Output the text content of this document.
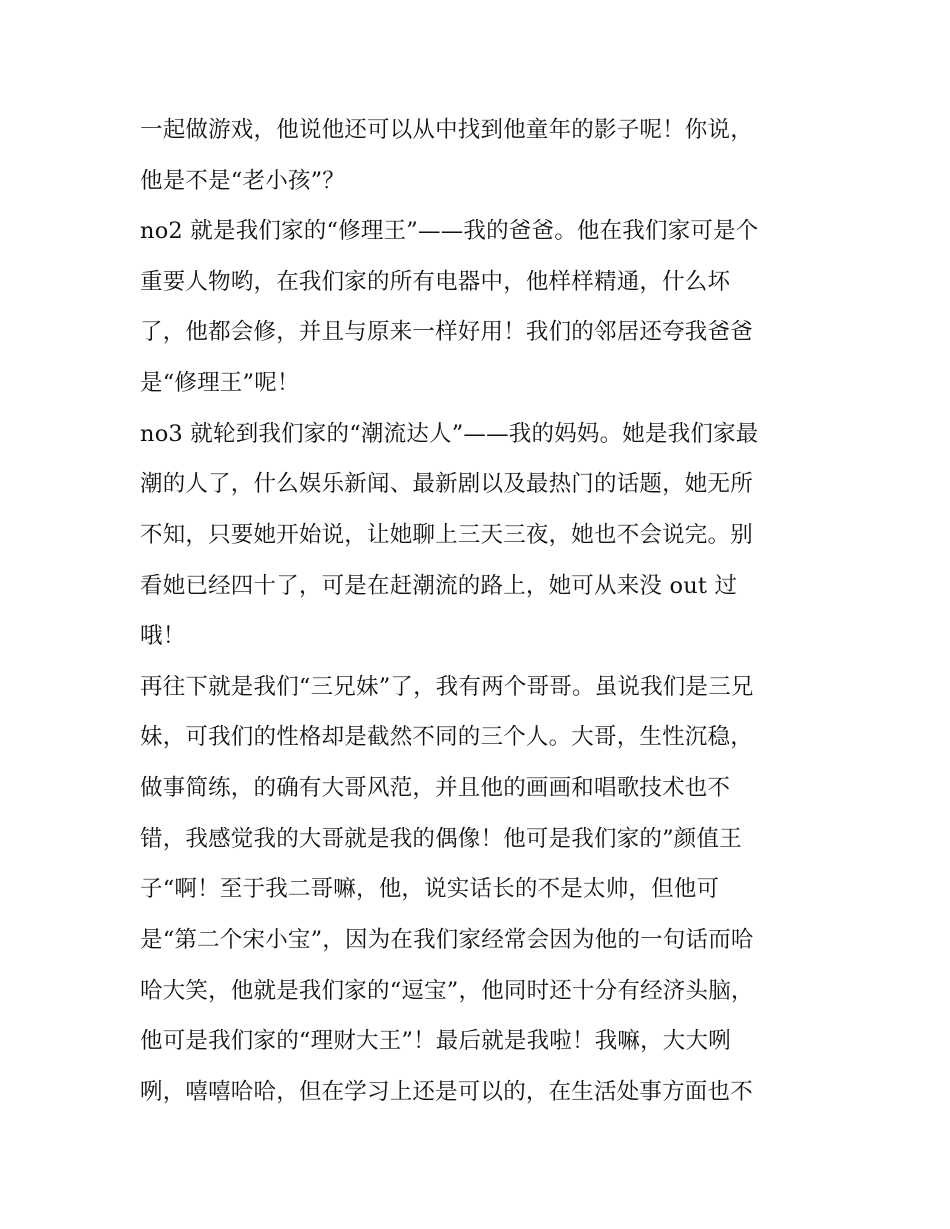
一起做游戏，他说他还可以从中找到他童年的影子呢！你说，
他是不是“老小孩”？
no2 就是我们家的“修理王”——我的爸爸。他在我们家可是个
重要人物哟，在我们家的所有电器中，他样样精通，什么坏
了，他都会修，并且与原来一样好用！我们的邻居还夸我爸爸
是“修理王”呢！
no3 就轮到我们家的“潮流达人”——我的妈妈。她是我们家最
潮的人了，什么娱乐新闻、最新剧以及最热门的话题，她无所
不知，只要她开始说，让她聊上三天三夜，她也不会说完。别
看她已经四十了，可是在赶潮流的路上，她可从来没 out 过
哦！
再往下就是我们“三兄妹”了，我有两个哥哥。虽说我们是三兄
妹，可我们的性格却是截然不同的三个人。大哥，生性沉稳，
做事简练，的确有大哥风范，并且他的画画和唱歌技术也不
错，我感觉我的大哥就是我的偶像！他可是我们家的”颜值王
子“啊！至于我二哥嘛，他，说实话长的不是太帅，但他可
是“第二个宋小宝”，因为在我们家经常会因为他的一句话而哈
哈大笑，他就是我们家的“逗宝”，他同时还十分有经济头脑，
他可是我们家的“理财大王”！最后就是我啦！我嘛，大大咧
咧，嘻嘻哈哈，但在学习上还是可以的，在生活处事方面也不
